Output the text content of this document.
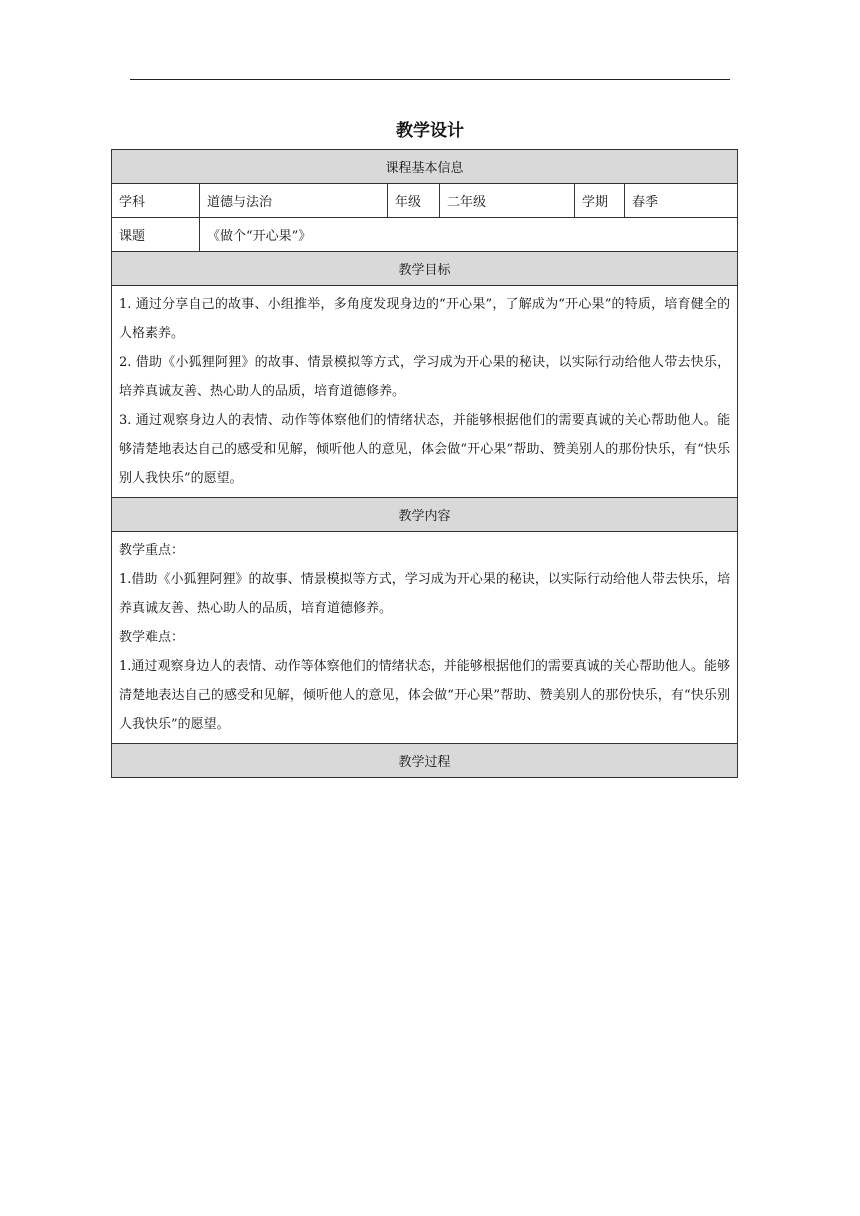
教学设计
课程基本信息					
学科	道德与法治	年级	二年级	学期	春季
课题	《做个“开心果”》				
教学目标					

1. 通过分享自己的故事、小组推举，多角度发现身边的“开心果”，了解成为“开心果”的特质，培育健全的人格素养。

2. 借助《小狐狸阿狸》的故事、情景模拟等方式，学习成为开心果的秘诀，以实际行动给他人带去快乐，培养真诚友善、热心助人的品质，培育道德修养。

3. 通过观察身边人的表情、动作等体察他们的情绪状态，并能够根据他们的需要真诚的关心帮助他人。能够清楚地表达自己的感受和见解，倾听他人的意见，体会做“开心果”帮助、赞美别人的那份快乐，有“快乐别人我快乐”的愿望。					

教学内容					

教学重点：

1.借助《小狐狸阿狸》的故事、情景模拟等方式，学习成为开心果的秘诀，以实际行动给他人带去快乐，培养真诚友善、热心助人的品质，培育道德修养。

教学难点：

1.通过观察身边人的表情、动作等体察他们的情绪状态，并能够根据他们的需要真诚的关心帮助他人。能够清楚地表达自己的感受和见解，倾听他人的意见，体会做“开心果”帮助、赞美别人的那份快乐，有“快乐别人我快乐”的愿望。					

教学过程					
